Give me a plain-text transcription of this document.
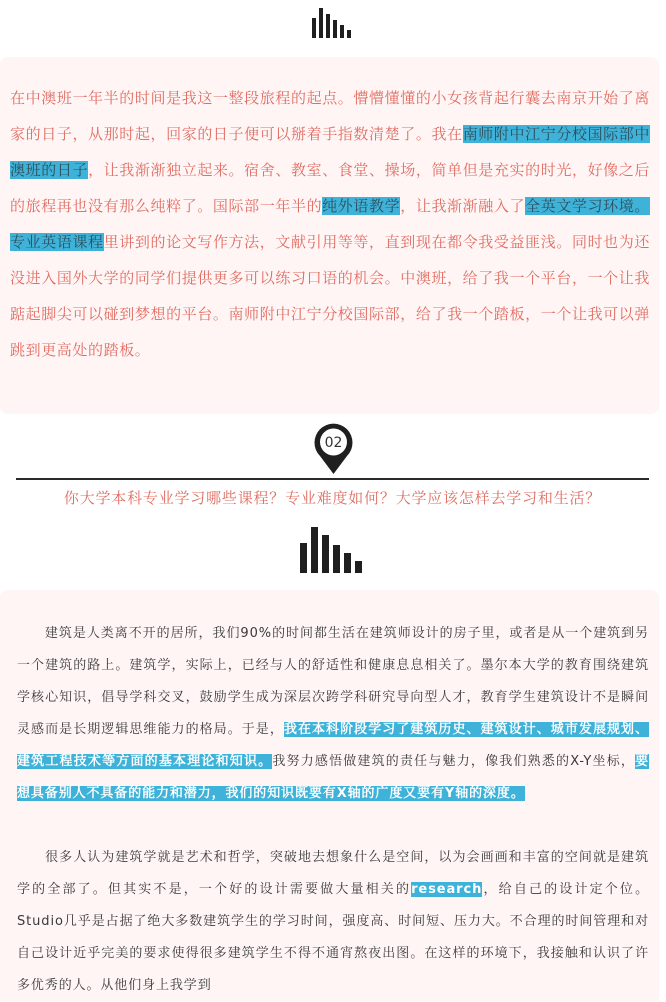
在中澳班一年半的时间是我这一整段旅程的起点。懵懵懂懂的小女孩背起行囊去南京开始了离家的日子，从那时起，回家的日子便可以掰着手指数清楚了。我在南师附中江宁分校国际部中澳班的日子，让我渐渐独立起来。宿舍、教室、食堂、操场，简单但是充实的时光，好像之后的旅程再也没有那么纯粹了。国际部一年半的纯外语教学，让我渐渐融入了全英文学习环境。专业英语课程里讲到的论文写作方法，文献引用等等，直到现在都令我受益匪浅。同时也为还没进入国外大学的同学们提供更多可以练习口语的机会。中澳班，给了我一个平台，一个让我踮起脚尖可以碰到梦想的平台。南师附中江宁分校国际部，给了我一个踏板，一个让我可以弹跳到更高处的踏板。

02
你大学本科专业学习哪些课程？专业难度如何？大学应该怎样去学习和生活？

　　建筑是人类离不开的居所，我们90%的时间都生活在建筑师设计的房子里，或者是从一个建筑到另一个建筑的路上。建筑学，实际上，已经与人的舒适性和健康息息相关了。墨尔本大学的教育围绕建筑学核心知识，倡导学科交叉，鼓励学生成为深层次跨学科研究导向型人才，教育学生建筑设计不是瞬间灵感而是长期逻辑思维能力的格局。于是，我在本科阶段学习了建筑历史、建筑设计、城市发展规划、建筑工程技术等方面的基本理论和知识。我努力感悟做建筑的责任与魅力，像我们熟悉的X-Y坐标，要想具备别人不具备的能力和潜力，我们的知识既要有X轴的广度又要有Y轴的深度。

　　很多人认为建筑学就是艺术和哲学，突破地去想象什么是空间，以为会画画和丰富的空间就是建筑学的全部了。但其实不是，一个好的设计需要做大量相关的research，给自己的设计定个位。Studio几乎是占据了绝大多数建筑学生的学习时间，强度高、时间短、压力大。不合理的时间管理和对自己设计近乎完美的要求使得很多建筑学生不得不通宵熬夜出图。在这样的环境下，我接触和认识了许多优秀的人。从他们身上我学到
